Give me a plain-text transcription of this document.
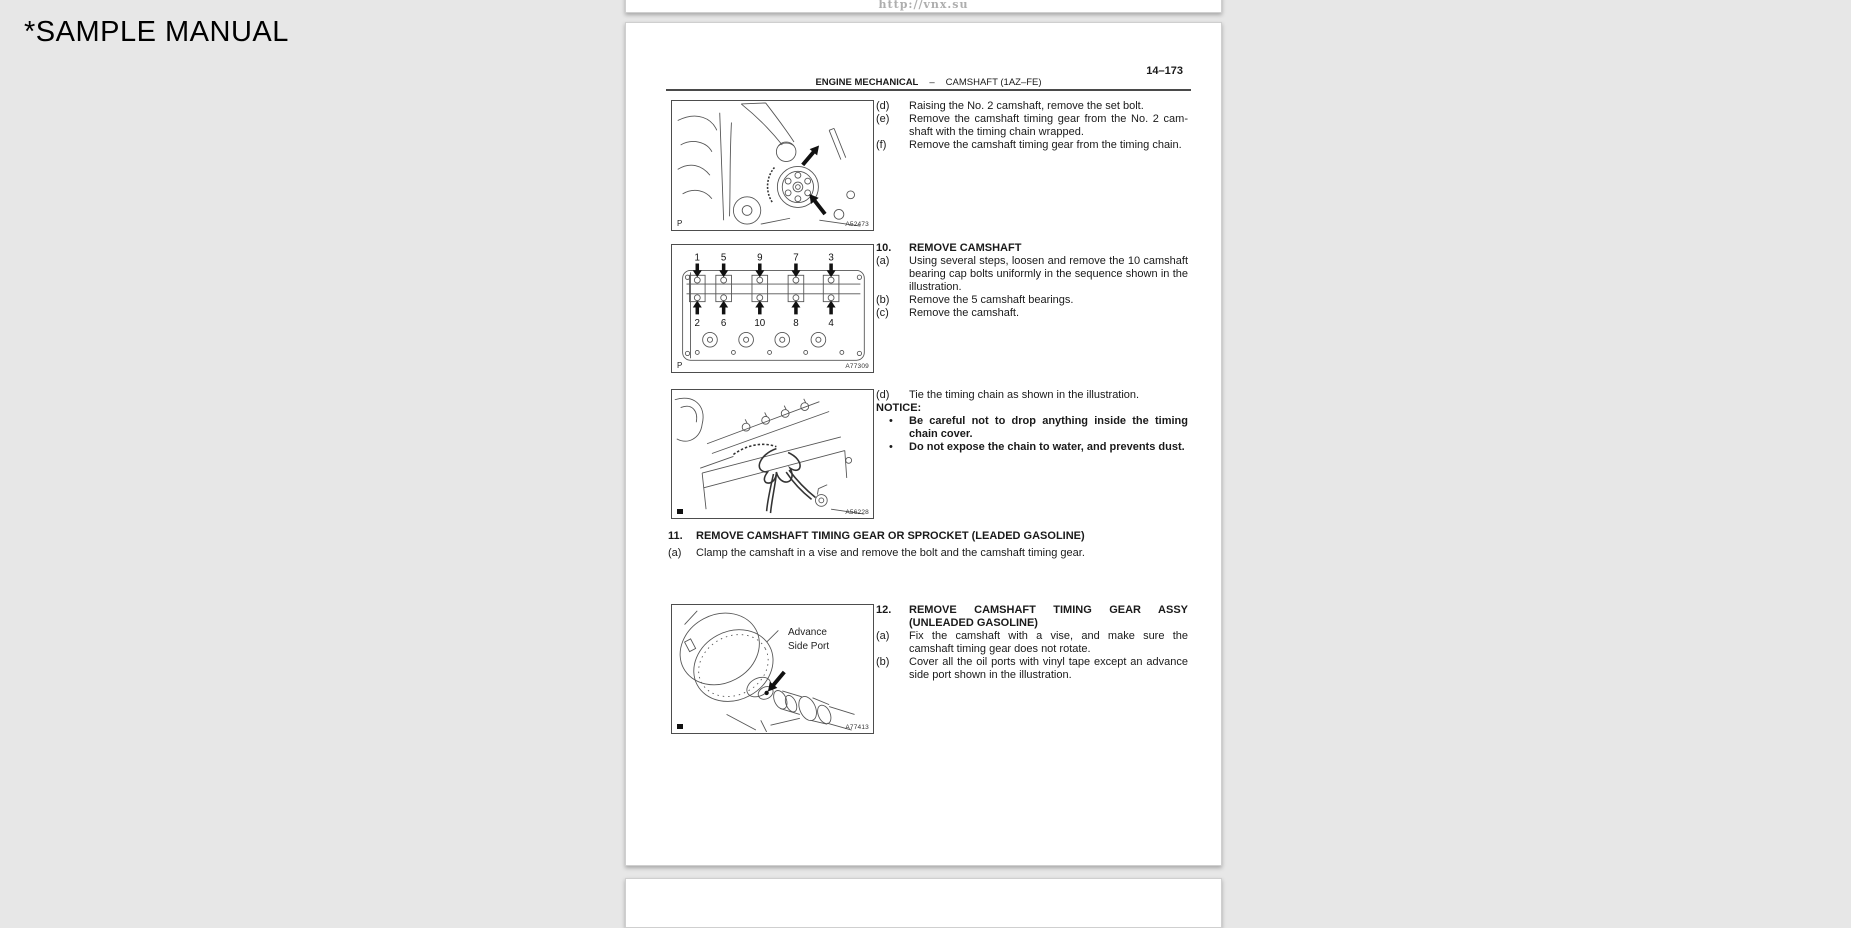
*SAMPLE MANUAL
http://vnx.su
14–173
ENGINE MECHANICAL – CAMSHAFT (1AZ–FE)
P	A52473
(d)	Raising the No. 2 camshaft, remove the set bolt.
(e)	Remove the camshaft timing gear from the No. 2 cam- shaft with the timing chain wrapped.
(f)	Remove the camshaft timing gear from the timing chain.
1 5	9	7	3
2 6	10	8	4
P	A77309
10.	REMOVE CAMSHAFT
(a)	Using several steps, loosen and remove the 10 camshaft bearing cap bolts uniformly in the sequence shown in the illustration.
(b)	Remove the 5 camshaft bearings.
(c)	Remove the camshaft.
A56228
(d)	Tie the timing chain as shown in the illustration.
NOTICE:
•	Be careful not to drop anything inside the timing chain cover.
•	Do not expose the chain to water, and prevents dust.
11.	REMOVE CAMSHAFT TIMING GEAR OR SPROCKET (LEADED GASOLINE)
(a)	Clamp the camshaft in a vise and remove the bolt and the camshaft timing gear.
Advance
Side Port
A77413
12.	REMOVE CAMSHAFT TIMING GEAR ASSY
(UNLEADED GASOLINE)
(a)	Fix the camshaft with a vise, and make sure the camshaft timing gear does not rotate.
(b)	Cover all the oil ports with vinyl tape except an advance side port shown in the illustration.
